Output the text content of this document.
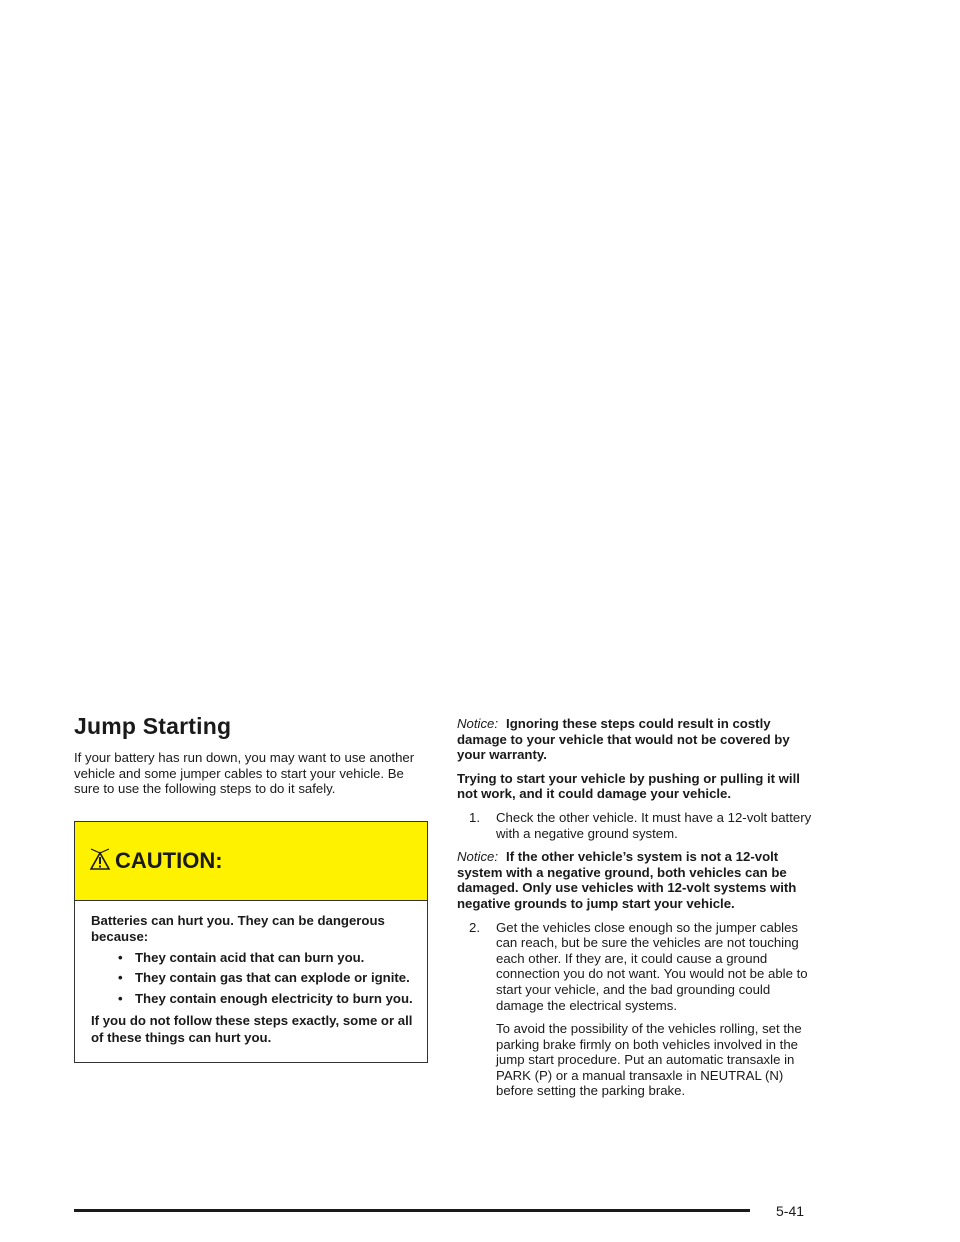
Jump Starting

If your battery has run down, you may want to use another vehicle and some jumper cables to start your vehicle. Be sure to use the following steps to do it safely.

CAUTION:

Batteries can hurt you. They can be dangerous because:

• They contain acid that can burn you.
• They contain gas that can explode or ignite.
• They contain enough electricity to burn you.

If you do not follow these steps exactly, some or all of these things can hurt you.

Notice: Ignoring these steps could result in costly damage to your vehicle that would not be covered by your warranty.

Trying to start your vehicle by pushing or pulling it will not work, and it could damage your vehicle.

1. Check the other vehicle. It must have a 12-volt battery with a negative ground system.

Notice: If the other vehicle’s system is not a 12-volt system with a negative ground, both vehicles can be damaged. Only use vehicles with 12-volt systems with negative grounds to jump start your vehicle.

2. Get the vehicles close enough so the jumper cables can reach, but be sure the vehicles are not touching each other. If they are, it could cause a ground connection you do not want. You would not be able to start your vehicle, and the bad grounding could damage the electrical systems.

To avoid the possibility of the vehicles rolling, set the parking brake firmly on both vehicles involved in the jump start procedure. Put an automatic transaxle in PARK (P) or a manual transaxle in NEUTRAL (N) before setting the parking brake.

5-41
